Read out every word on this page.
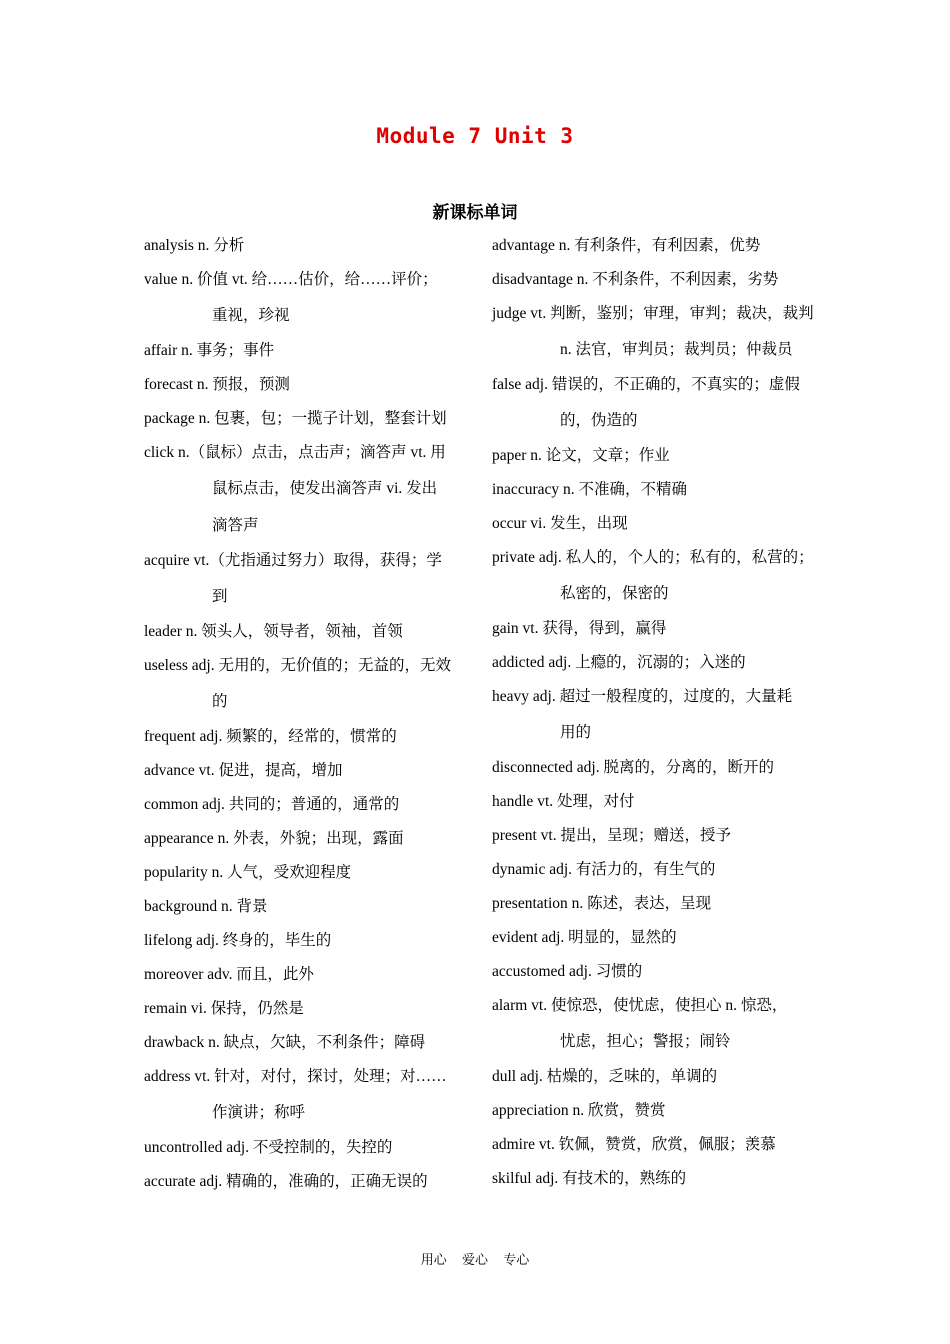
Module 7 Unit 3
新课标单词

analysis n. 分析

value n. 价值 vt. 给……估价，给……评价；
重视，珍视

affair n. 事务；事件

forecast n. 预报，预测

package n. 包裹，包；一揽子计划，整套计划

click n.（鼠标）点击，点击声；滴答声 vt. 用
鼠标点击，使发出滴答声 vi. 发出
滴答声

acquire vt.（尤指通过努力）取得，获得；学
到

leader n. 领头人，领导者，领袖，首领

useless adj. 无用的，无价值的；无益的，无效
的

frequent adj. 频繁的，经常的，惯常的

advance vt. 促进，提高，增加

common adj. 共同的；普通的，通常的

appearance n. 外表，外貌；出现，露面

popularity n. 人气，受欢迎程度

background n. 背景

lifelong adj. 终身的，毕生的

moreover adv. 而且，此外

remain vi. 保持，仍然是

drawback n. 缺点，欠缺，不利条件；障碍

address vt. 针对，对付，探讨，处理；对……
作演讲；称呼

uncontrolled adj. 不受控制的，失控的

accurate adj. 精确的，准确的，正确无误的

advantage n. 有利条件，有利因素，优势

disadvantage n. 不利条件，不利因素，劣势

judge vt. 判断，鉴别；审理，审判；裁决，裁判
n. 法官，审判员；裁判员；仲裁员

false adj. 错误的，不正确的，不真实的；虚假
的，伪造的

paper n. 论文，文章；作业

inaccuracy n. 不准确，不精确

occur vi. 发生，出现

private adj. 私人的，个人的；私有的，私营的；
私密的，保密的

gain vt. 获得，得到，赢得

addicted adj. 上瘾的，沉溺的；入迷的

heavy adj. 超过一般程度的，过度的，大量耗
用的

disconnected adj. 脱离的，分离的，断开的

handle vt. 处理，对付

present vt. 提出，呈现；赠送，授予

dynamic adj. 有活力的，有生气的

presentation n. 陈述，表达，呈现

evident adj. 明显的，显然的

accustomed adj. 习惯的

alarm vt. 使惊恐，使忧虑，使担心 n. 惊恐，
忧虑，担心；警报；闹铃

dull adj. 枯燥的，乏味的，单调的

appreciation n. 欣赏，赞赏

admire vt. 钦佩，赞赏，欣赏，佩服；羡慕

skilful adj. 有技术的，熟练的

用心 爱心 专心
